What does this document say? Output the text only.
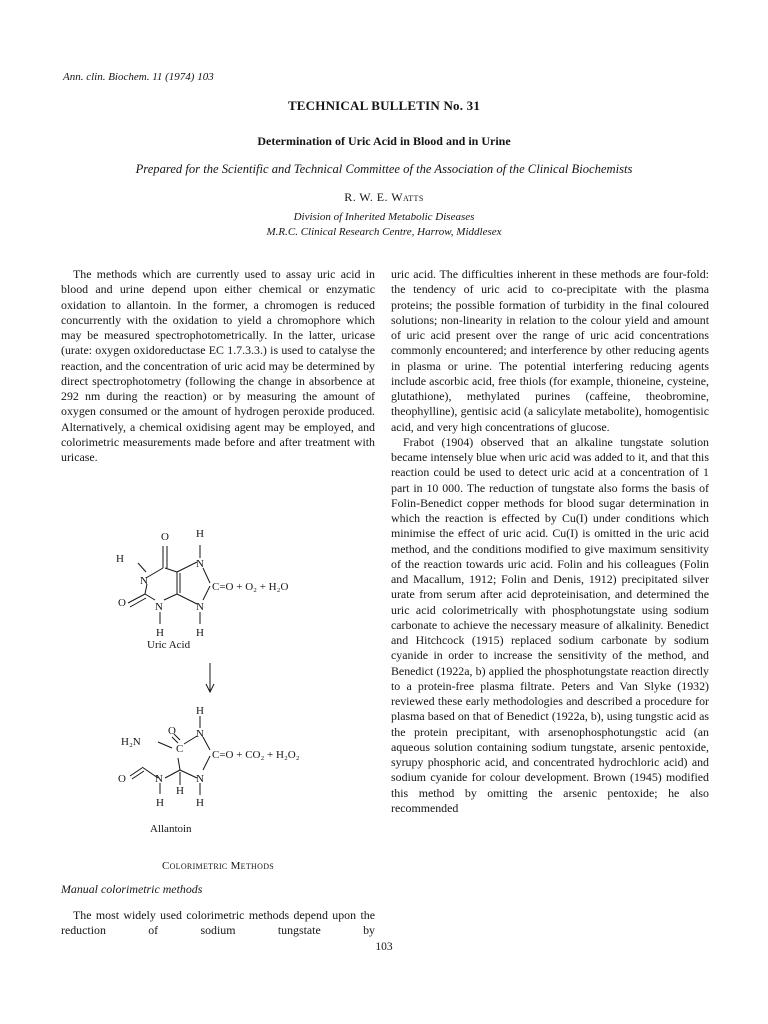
Ann. clin. Biochem. 11 (1974) 103
TECHNICAL BULLETIN No. 31
Determination of Uric Acid in Blood and in Urine
Prepared for the Scientific and Technical Committee of the Association of the Clinical Biochemists
R. W. E. Watts
Division of Inherited Metabolic Diseases
M.R.C. Clinical Research Centre, Harrow, Middlesex

The methods which are currently used to assay uric acid in blood and urine depend upon either chemical or enzymatic oxidation to allantoin. In the former, a chromogen is reduced concurrently with the oxidation to yield a chromophore which may be measured spectrophotometrically. In the latter, uricase (urate: oxygen oxidoreductase EC 1.7.3.3.) is used to catalyse the reaction, and the concentration of uric acid may be determined by direct spectrophotometry (following the change in absorbence at 292 nm during the reaction) or by measuring the amount of oxygen consumed or the amount of hydrogen peroxide produced. Alternatively, a chemical oxidising agent may be employed, and colorimetric measurements made before and after treatment with uricase.

O H
N
H
N	C=O + O₂ + H₂O
O	N	N
H	H
H
H₂N
O
C
N
C=O + CO₂ + H₂O₂
O	N
H
N
H	H
Uric Acid
Allantoin
Colorimetric Methods
Manual colorimetric methods

The most widely used colorimetric methods depend upon the reduction of sodium tungstate by

uric acid. The difficulties inherent in these methods are four-fold: the tendency of uric acid to co-precipitate with the plasma proteins; the possible formation of turbidity in the final coloured solutions; non-linearity in relation to the colour yield and amount of uric acid present over the range of uric acid concentrations commonly encountered; and interference by other reducing agents in plasma or urine. The potential interfering reducing agents include ascorbic acid, free thiols (for example, thioneine, cysteine, glutathione), methylated purines (caffeine, theobromine, theophylline), gentisic acid (a salicylate metabolite), homogentisic acid, and very high concentrations of glucose.

Frabot (1904) observed that an alkaline tungstate solution became intensely blue when uric acid was added to it, and that this reaction could be used to detect uric acid at a concentration of 1 part in 10 000. The reduction of tungstate also forms the basis of Folin-Benedict copper methods for blood sugar determination in which the reaction is effected by Cu(I) under conditions which minimise the effect of uric acid. Cu(I) is omitted in the uric acid method, and the conditions modified to give maximum sensitivity of the reaction towards uric acid. Folin and his colleagues (Folin and Macallum, 1912; Folin and Denis, 1912) precipitated silver urate from serum after acid deproteinisation, and determined the uric acid colorimetrically with phosphotungstate using sodium carbonate to achieve the necessary measure of alkalinity. Benedict and Hitchcock (1915) replaced sodium carbonate by sodium cyanide in order to increase the sensitivity of the method, and Benedict (1922a, b) applied the phosphotungstate reaction directly to a protein-free plasma filtrate. Peters and Van Slyke (1932) reviewed these early methodologies and described a procedure for plasma based on that of Benedict (1922a, b), using tungstic acid as the protein precipitant, with arsenophosphotungstic acid (an aqueous solution containing sodium tungstate, arsenic pentoxide, syrupy phosphoric acid, and concentrated hydrochloric acid) and sodium cyanide for colour development. Brown (1945) modified this method by omitting the arsenic pentoxide; he also recommended

103
